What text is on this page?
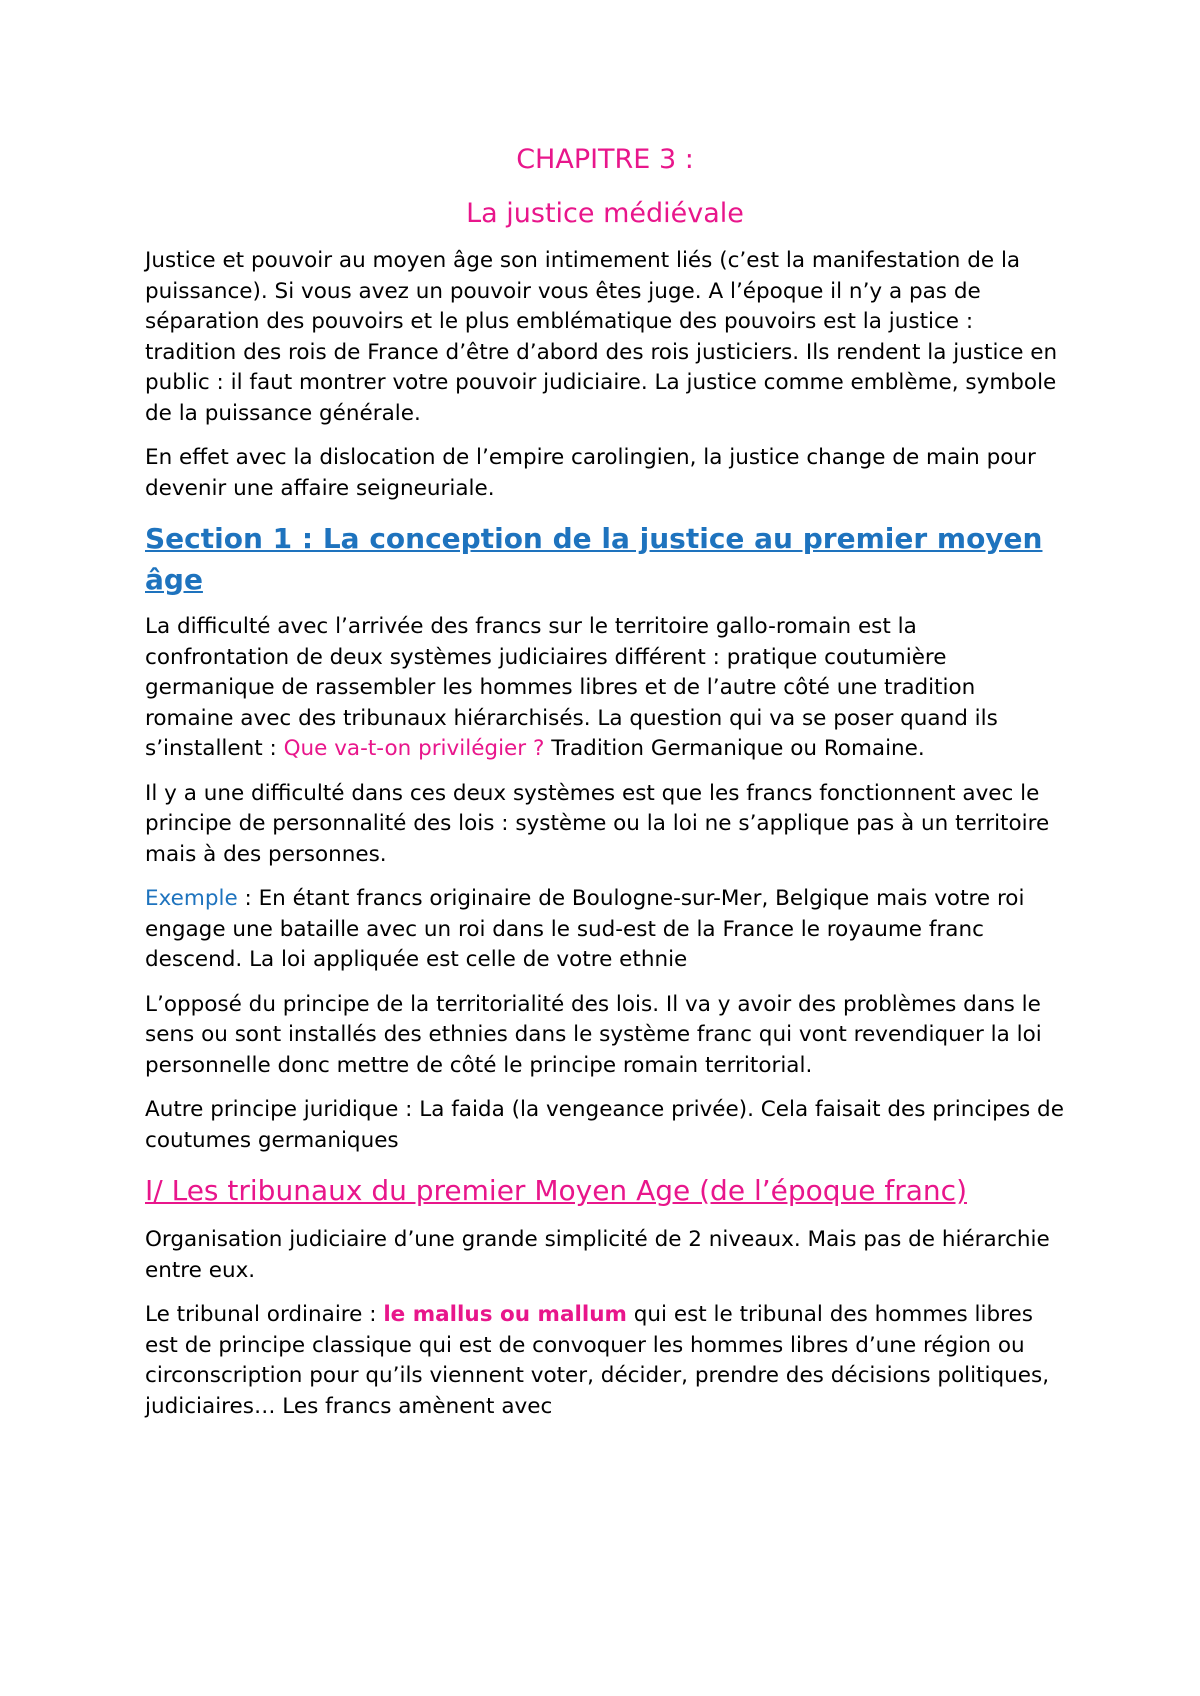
CHAPITRE 3 :
La justice médiévale

Justice et pouvoir au moyen âge son intimement liés (c’est la manifestation de la puissance). Si vous avez un pouvoir vous êtes juge. A l’époque il n’y a pas de séparation des pouvoirs et le plus emblématique des pouvoirs est la justice : tradition des rois de France d’être d’abord des rois justiciers. Ils rendent la justice en public : il faut montrer votre pouvoir judiciaire. La justice comme emblème, symbole de la puissance générale.

En effet avec la dislocation de l’empire carolingien, la justice change de main pour devenir une affaire seigneuriale.

Section 1 : La conception de la justice au premier moyen âge

La difficulté avec l’arrivée des francs sur le territoire gallo-romain est la confrontation de deux systèmes judiciaires différent : pratique coutumière germanique de rassembler les hommes libres et de l’autre côté une tradition romaine avec des tribunaux hiérarchisés. La question qui va se poser quand ils s’installent : Que va-t-on privilégier ? Tradition Germanique ou Romaine.

Il y a une difficulté dans ces deux systèmes est que les francs fonctionnent avec le principe de personnalité des lois : système ou la loi ne s’applique pas à un territoire mais à des personnes.

Exemple : En étant francs originaire de Boulogne-sur-Mer, Belgique mais votre roi engage une bataille avec un roi dans le sud-est de la France le royaume franc descend. La loi appliquée est celle de votre ethnie

L’opposé du principe de la territorialité des lois. Il va y avoir des problèmes dans le sens ou sont installés des ethnies dans le système franc qui vont revendiquer la loi personnelle donc mettre de côté le principe romain territorial.

Autre principe juridique : La faida (la vengeance privée). Cela faisait des principes de coutumes germaniques

I/ Les tribunaux du premier Moyen Age (de l’époque franc)

Organisation judiciaire d’une grande simplicité de 2 niveaux. Mais pas de hiérarchie entre eux.

Le tribunal ordinaire : le mallus ou mallum qui est le tribunal des hommes libres est de principe classique qui est de convoquer les hommes libres d’une région ou circonscription pour qu’ils viennent voter, décider, prendre des décisions politiques, judiciaires… Les francs amènent avec
